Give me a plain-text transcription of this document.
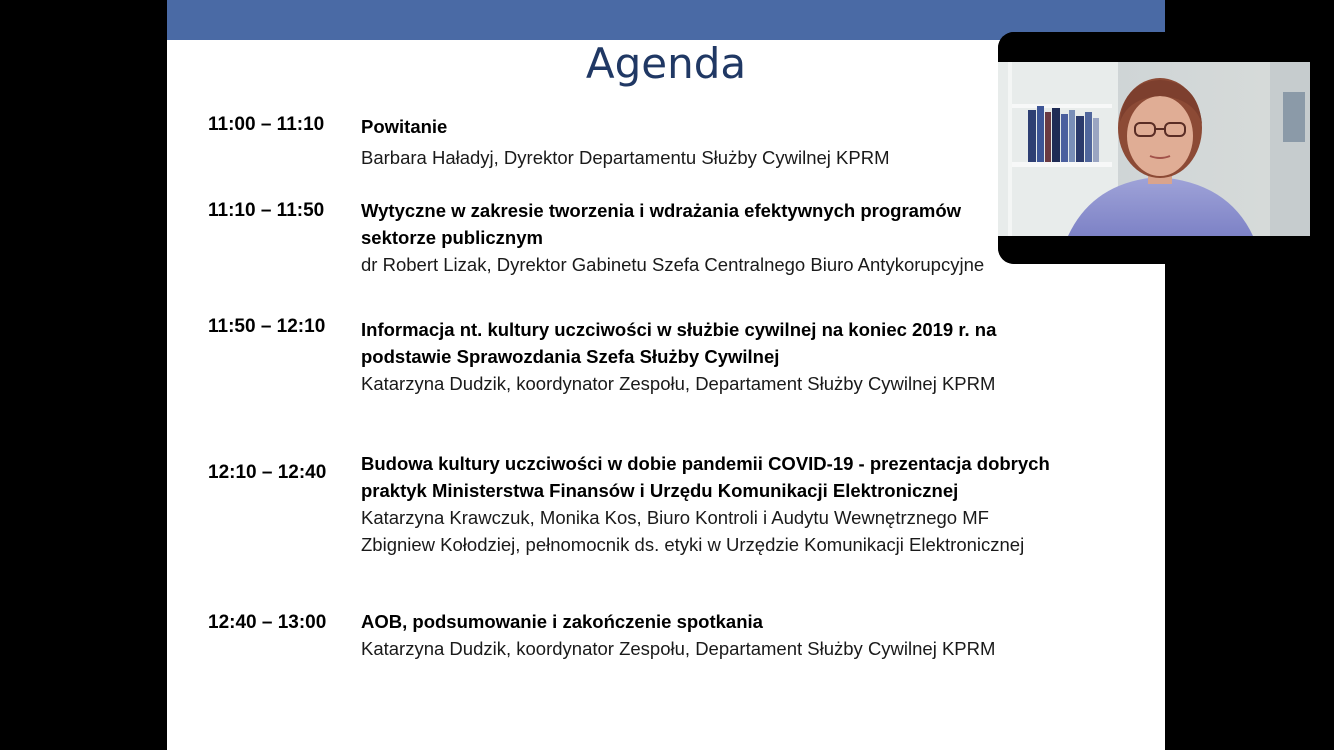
Agenda
11:00 – 11:10	Powitanie
Barbara Haładyj, Dyrektor Departamentu Służby Cywilnej KPRM
11:10 – 11:50	Wytyczne w zakresie tworzenia i wdrażania efektywnych programów
sektorze publicznym
dr Robert Lizak, Dyrektor Gabinetu Szefa Centralnego Biuro Antykorupcyjne
11:50 – 12:10	Informacja nt. kultury uczciwości w służbie cywilnej na koniec 2019 r. na
podstawie Sprawozdania Szefa Służby Cywilnej
Katarzyna Dudzik, koordynator Zespołu, Departament Służby Cywilnej KPRM
12:10 – 12:40	Budowa kultury uczciwości w dobie pandemii COVID-19 - prezentacja dobrych
praktyk Ministerstwa Finansów i Urzędu Komunikacji Elektronicznej
Katarzyna Krawczuk, Monika Kos, Biuro Kontroli i Audytu Wewnętrznego MF
Zbigniew Kołodziej, pełnomocnik ds. etyki w Urzędzie Komunikacji Elektronicznej
12:40 – 13:00	AOB, podsumowanie i zakończenie spotkania
Katarzyna Dudzik, koordynator Zespołu, Departament Służby Cywilnej KPRM
